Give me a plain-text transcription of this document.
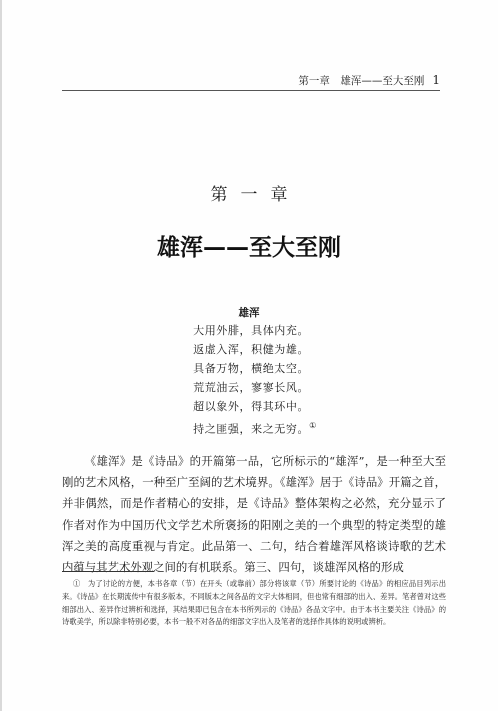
第一章　雄浑——至大至刚 1
第一章
雄浑——至大至刚
雄浑
大用外腓，具体内充。
返虚入浑，积健为雄。
具备万物，横绝太空。
荒荒油云，寥寥长风。
超以象外，得其环中。
持之匪强，来之无穷。①
《雄浑》是《诗品》的开篇第一品，它所标示的“雄浑”，是一种至大至刚的艺术风格，一种至广至阔的艺术境界。《雄浑》居于《诗品》开篇之首，并非偶然，而是作者精心的安排，是《诗品》整体架构之必然，充分显示了作者对作为中国历代文学艺术所褒扬的阳刚之美的一个典型的特定类型的雄浑之美的高度重视与肯定。此品第一、二句，结合着雄浑风格谈诗歌的艺术内蕴与其艺术外观之间的有机联系。第三、四句，谈雄浑风格的形成
①　为了讨论的方便，本书各章（节）在开头（或靠前）部分将该章（节）所要讨论的《诗品》的相应品目列示出来。《诗品》在长期流传中有很多版本，不同版本之间各品的文字大体相同，但也常有细部的出入、差异。笔者曾对这些细部出入、差异作过辨析和选择，其结果即已包含在本书所列示的《诗品》各品文字中。由于本书主要关注《诗品》的诗歌美学，所以除非特别必要，本书一般不对各品的细部文字出入及笔者的选择作具体的说明或辨析。
